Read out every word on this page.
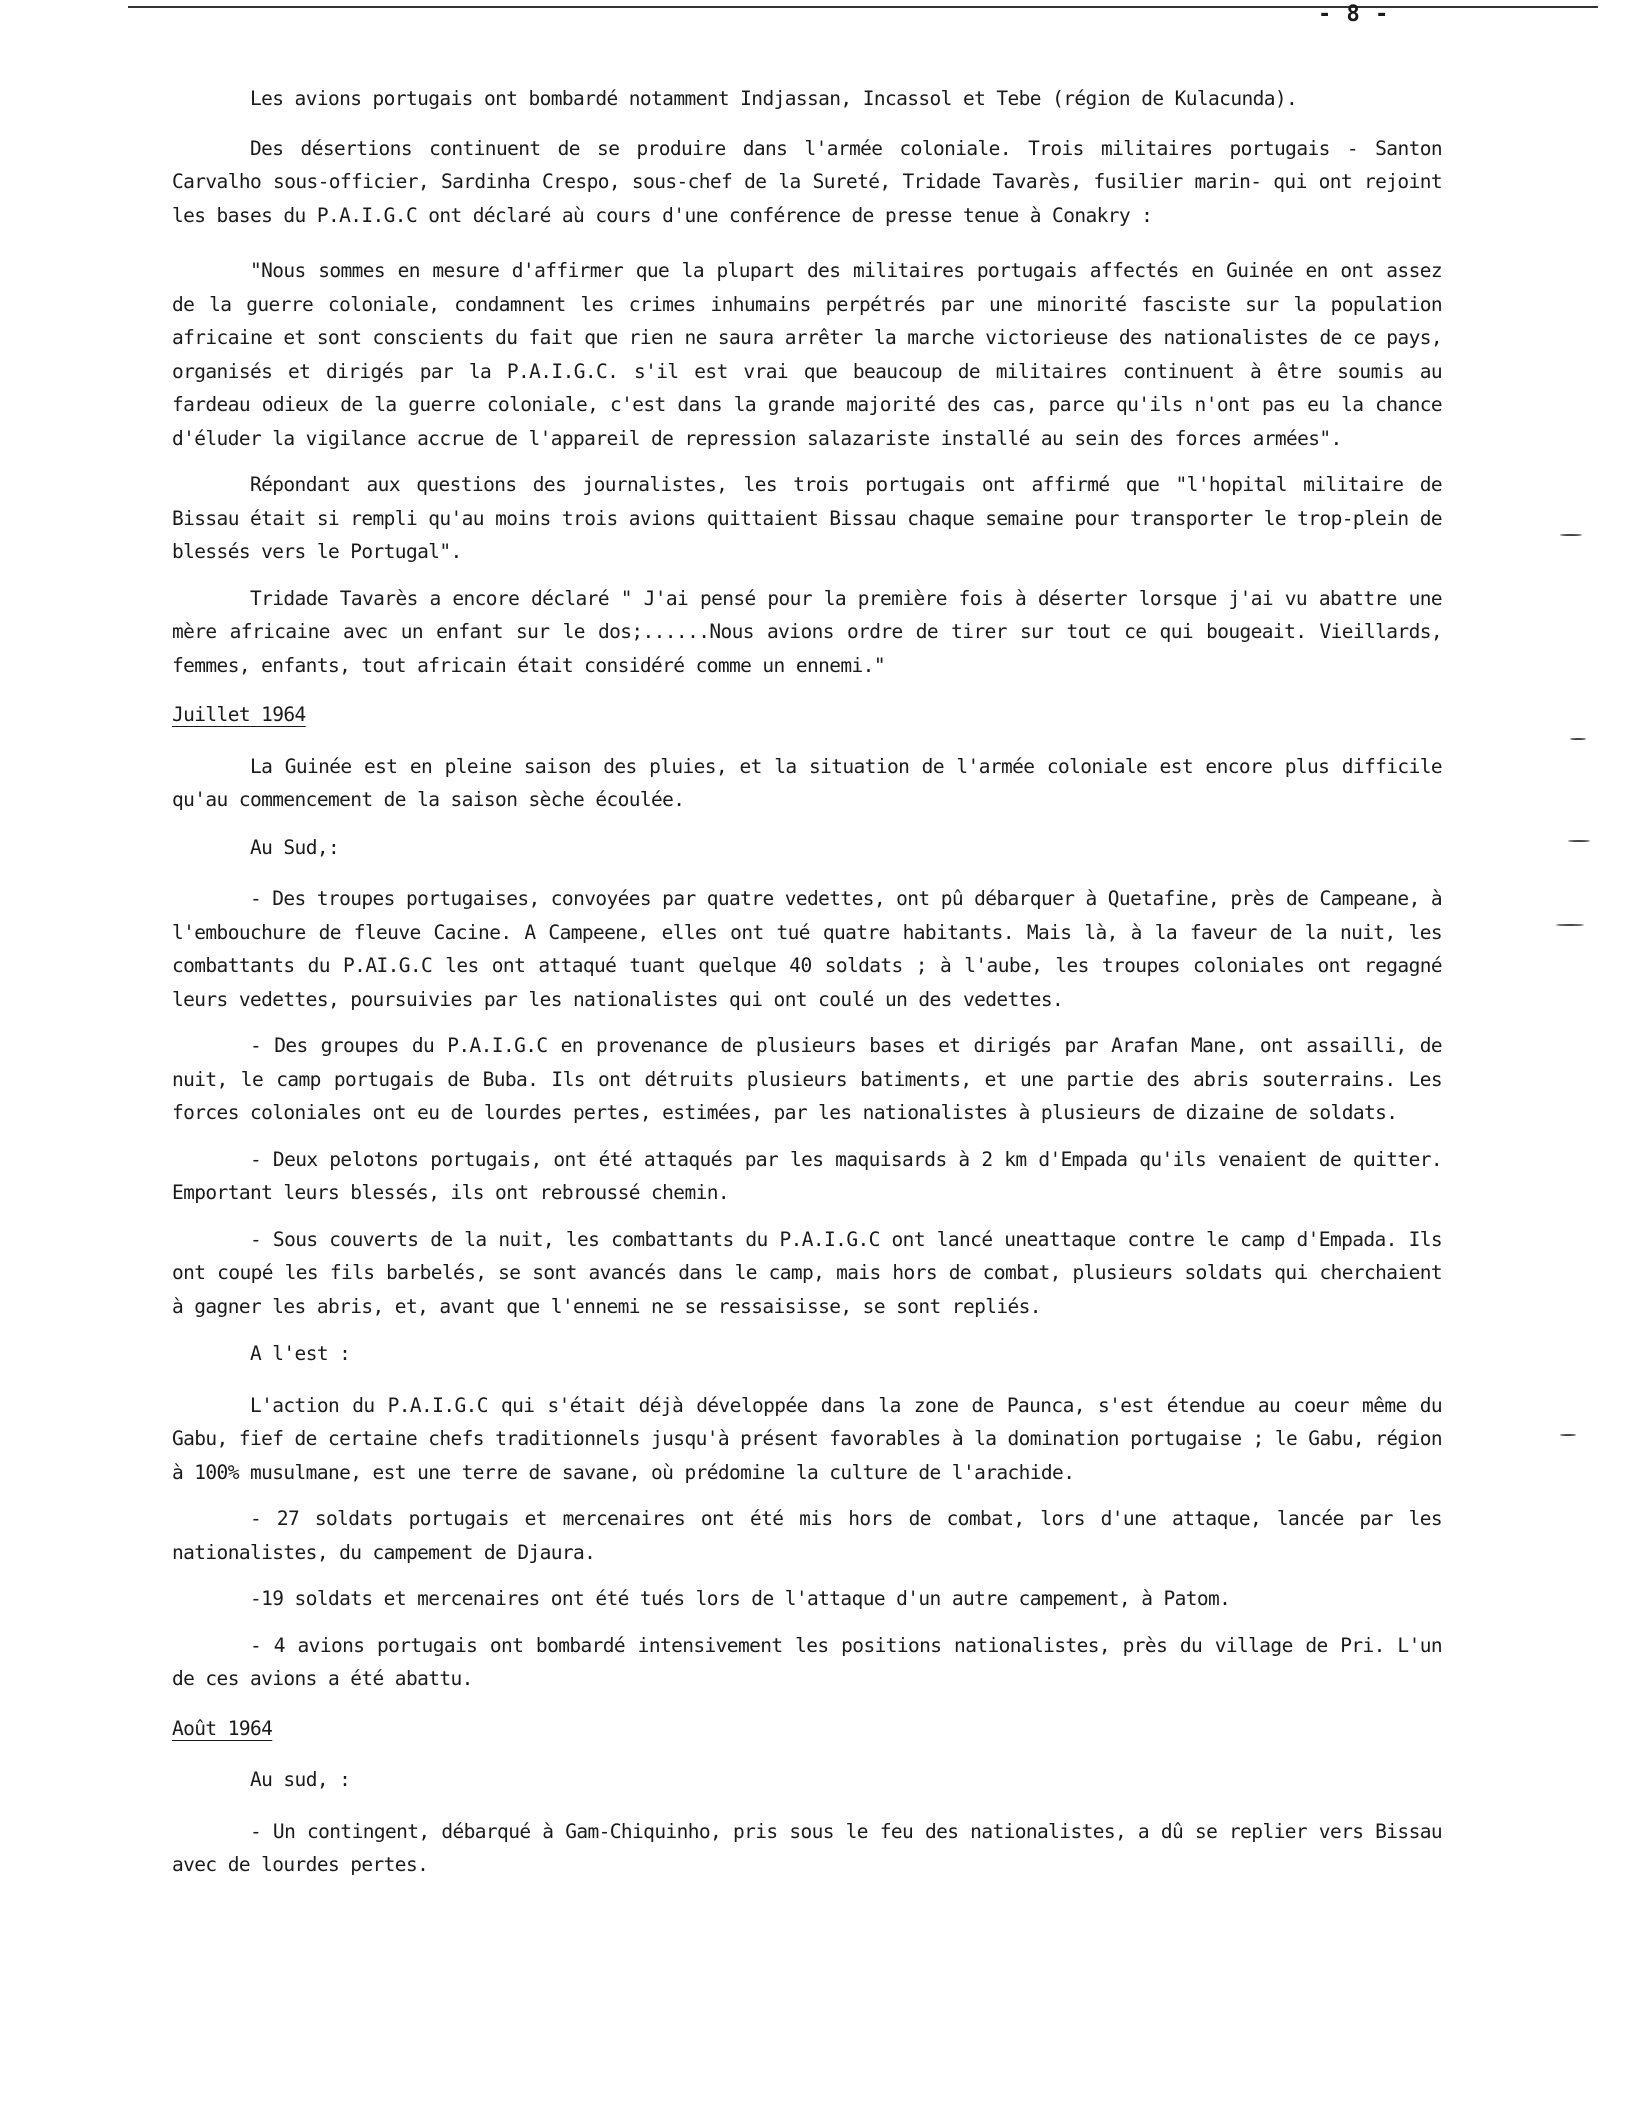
- 8 -

Les avions portugais ont bombardé notamment Indjassan, Incassol et Tebe (région de Kulacunda).

Des désertions continuent de se produire dans l'armée coloniale. Trois militaires portugais - Santon Carvalho sous-officier, Sardinha Crespo, sous-chef de la Sureté, Tridade Tavarès, fusilier marin- qui ont rejoint les bases du P.A.I.G.C ont déclaré aù cours d'une conférence de presse tenue à Conakry :

"Nous sommes en mesure d'affirmer que la plupart des militaires portugais affectés en Guinée en ont assez de la guerre coloniale, condamnent les crimes inhumains perpétrés par une minorité fasciste sur la population africaine et sont conscients du fait que rien ne saura arrêter la marche victorieuse des nationalistes de ce pays, organisés et dirigés par la P.A.I.G.C. s'il est vrai que beaucoup de militaires continuent à être soumis au fardeau odieux de la guerre coloniale, c'est dans la grande majorité des cas, parce qu'ils n'ont pas eu la chance d'éluder la vigilance accrue de l'appareil de repression salazariste installé au sein des forces armées".

Répondant aux questions des journalistes, les trois portugais ont affirmé que "l'hopital militaire de Bissau était si rempli qu'au moins trois avions quittaient Bissau chaque semaine pour transporter le trop-plein de blessés vers le Portugal".

Tridade Tavarès a encore déclaré " J'ai pensé pour la première fois à déserter lorsque j'ai vu abattre une mère africaine avec un enfant sur le dos;......Nous avions ordre de tirer sur tout ce qui bougeait. Vieillards, femmes, enfants, tout africain était considéré comme un ennemi."

Juillet 1964

La Guinée est en pleine saison des pluies, et la situation de l'armée coloniale est encore plus difficile qu'au commencement de la saison sèche écoulée.

Au Sud,:

- Des troupes portugaises, convoyées par quatre vedettes, ont pû débarquer à Quetafine, près de Campeane, à l'embouchure de fleuve Cacine. A Campeene, elles ont tué quatre habitants. Mais là, à la faveur de la nuit, les combattants du P.AI.G.C les ont attaqué tuant quelque 40 soldats ; à l'aube, les troupes coloniales ont regagné leurs vedettes, poursuivies par les nationalistes qui ont coulé un des vedettes.

- Des groupes du P.A.I.G.C en provenance de plusieurs bases et dirigés par Arafan Mane, ont assailli, de nuit, le camp portugais de Buba. Ils ont détruits plusieurs batiments, et une partie des abris souterrains. Les forces coloniales ont eu de lourdes pertes, estimées, par les nationalistes à plusieurs de dizaine de soldats.

- Deux pelotons portugais, ont été attaqués par les maquisards à 2 km d'Empada qu'ils venaient de quitter. Emportant leurs blessés, ils ont rebroussé chemin.

- Sous couverts de la nuit, les combattants du P.A.I.G.C ont lancé uneattaque contre le camp d'Empada. Ils ont coupé les fils barbelés, se sont avancés dans le camp, mais hors de combat, plusieurs soldats qui cherchaient à gagner les abris, et, avant que l'ennemi ne se ressaisisse, se sont repliés.

A l'est :

L'action du P.A.I.G.C qui s'était déjà développée dans la zone de Paunca, s'est étendue au coeur même du Gabu, fief de certaine chefs traditionnels jusqu'à présent favorables à la domination portugaise ; le Gabu, région à 100% musulmane, est une terre de savane, où prédomine la culture de l'arachide.

- 27 soldats portugais et mercenaires ont été mis hors de combat, lors d'une attaque, lancée par les nationalistes, du campement de Djaura.

-19 soldats et mercenaires ont été tués lors de l'attaque d'un autre campement, à Patom.

- 4 avions portugais ont bombardé intensivement les positions nationalistes, près du village de Pri. L'un de ces avions a été abattu.

Août 1964
Au sud, :

- Un contingent, débarqué à Gam-Chiquinho, pris sous le feu des nationalistes, a dû se replier vers Bissau avec de lourdes pertes.
